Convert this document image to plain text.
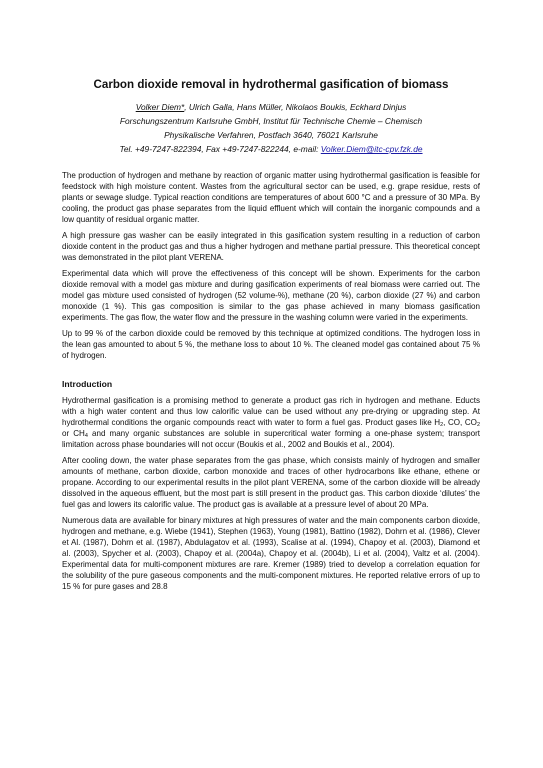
Carbon dioxide removal in hydrothermal gasification of biomass
Volker Diem*, Ulrich Galla, Hans Müller, Nikolaos Boukis, Eckhard Dinjus
Forschungszentrum Karlsruhe GmbH, Institut für Technische Chemie – Chemisch
Physikalische Verfahren, Postfach 3640, 76021 Karlsruhe
Tel. +49-7247-822394, Fax +49-7247-822244, e-mail: Volker.Diem@itc-cpv.fzk.de

The production of hydrogen and methane by reaction of organic matter using hydrothermal gasification is feasible for feedstock with high moisture content. Wastes from the agricultural sector can be used, e.g. grape residue, rests of plants or sewage sludge. Typical reaction conditions are temperatures of about 600 °C and a pressure of 30 MPa. By cooling, the product gas phase separates from the liquid effluent which will contain the inorganic compounds and a low quantity of residual organic matter.

A high pressure gas washer can be easily integrated in this gasification system resulting in a reduction of carbon dioxide content in the product gas and thus a higher hydrogen and methane partial pressure. This theoretical concept was demonstrated in the pilot plant VERENA.

Experimental data which will prove the effectiveness of this concept will be shown. Experiments for the carbon dioxide removal with a model gas mixture and during gasification experiments of real biomass were carried out. The model gas mixture used consisted of hydrogen (52 volume-%), methane (20 %), carbon dioxide (27 %) and carbon monoxide (1 %). This gas composition is similar to the gas phase achieved in many biomass gasification experiments. The gas flow, the water flow and the pressure in the washing column were varied in the experiments.

Up to 99 % of the carbon dioxide could be removed by this technique at optimized conditions. The hydrogen loss in the lean gas amounted to about 5 %, the methane loss to about 10 %. The cleaned model gas contained about 75 % of hydrogen.

Introduction

Hydrothermal gasification is a promising method to generate a product gas rich in hydrogen and methane. Educts with a high water content and thus low calorific value can be used without any pre-drying or upgrading step. At hydrothermal conditions the organic compounds react with water to form a fuel gas. Product gases like $H_2$, CO, $CO_2$ or $CH_4$ and many organic substances are soluble in supercritical water forming a one-phase system; transport limitation across phase boundaries will not occur (Boukis et al., 2002 and Boukis et al., 2004).

After cooling down, the water phase separates from the gas phase, which consists mainly of hydrogen and smaller amounts of methane, carbon dioxide, carbon monoxide and traces of other hydrocarbons like ethane, ethene or propane. According to our experimental results in the pilot plant VERENA, some of the carbon dioxide will be already dissolved in the aqueous effluent, but the most part is still present in the product gas. This carbon dioxide ‘dilutes’ the fuel gas and lowers its calorific value. The product gas is available at a pressure level of about 20 MPa.

Numerous data are available for binary mixtures at high pressures of water and the main components carbon dioxide, hydrogen and methane, e.g. Wiebe (1941), Stephen (1963), Young (1981), Battino (1982), Dohrn et al. (1986), Clever et Al. (1987), Dohrn et al. (1987), Abdulagatov et al. (1993), Scalise at al. (1994), Chapoy et al. (2003), Diamond et al. (2003), Spycher et al. (2003), Chapoy et al. (2004a), Chapoy et al. (2004b), Li et al. (2004), Valtz et al. (2004). Experimental data for multi-component mixtures are rare. Kremer (1989) tried to develop a correlation equation for the solubility of the pure gaseous components and the multi-component mixtures. He reported relative errors of up to 15 % for pure gases and 28.8
